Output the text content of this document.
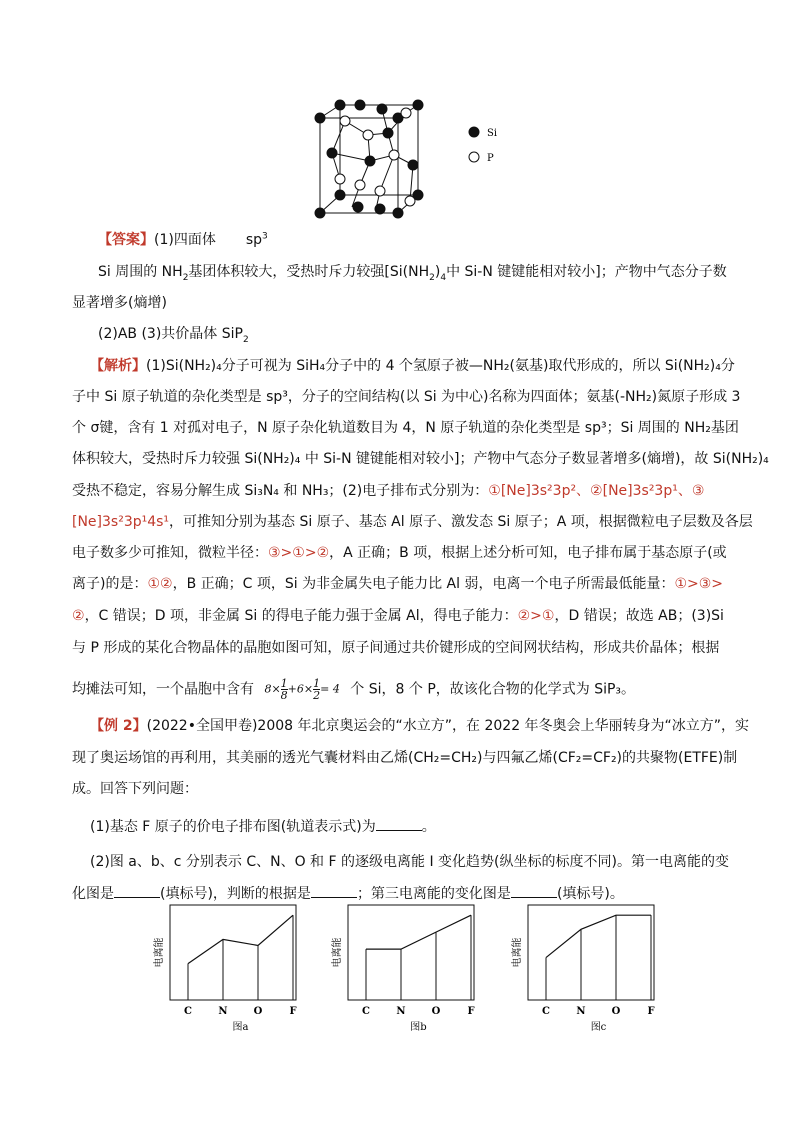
Si
P
【答案】(1)四面体 $sp^3$
Si 周围的 $NH_2$基团体积较大，受热时斥力较强[$Si(NH_2)_4$中 Si-N 键键能相对较小]；产物中气态分子数
显著增多(熵增)
(2)AB (3)共价晶体 SiP$_2$
【解析】(1)Si(NH₂)₄分子可视为 SiH₄分子中的 4 个氢原子被—NH₂(氨基)取代形成的，所以 Si(NH₂)₄分
子中 Si 原子轨道的杂化类型是 sp³，分子的空间结构(以 Si 为中心)名称为四面体；氨基(-NH₂)氮原子形成 3
个 σ键，含有 1 对孤对电子，N 原子杂化轨道数目为 4，N 原子轨道的杂化类型是 sp³；Si 周围的 NH₂基团
体积较大，受热时斥力较强 Si(NH₂)₄ 中 Si-N 键键能相对较小]；产物中气态分子数显著增多(熵增)，故 Si(NH₂)₄
受热不稳定，容易分解生成 Si₃N₄ 和 NH₃；(2)电子排布式分别为：①[Ne]3s²3p²、②[Ne]3s²3p¹、③
[Ne]3s²3p¹4s¹，可推知分别为基态 Si 原子、基态 Al 原子、激发态 Si 原子；A 项，根据微粒电子层数及各层
电子数多少可推知，微粒半径：③>①>②，A 正确；B 项，根据上述分析可知，电子排布属于基态原子(或
离子)的是：①②，B 正确；C 项，Si 为非金属失电子能力比 Al 弱，电离一个电子所需最低能量：①>③>
②，C 错误；D 项，非金属 Si 的得电子能力强于金属 Al，得电子能力：②>①，D 错误；故选 AB；(3)Si
与 P 形成的某化合物晶体的晶胞如图可知，原子间通过共价键形成的空间网状结构，形成共价晶体；根据
均摊法可知，一个晶胞中含有 $8\times \frac{1}{8} +6\times \frac{1}{2} = 4$ 个 Si，8 个 P，故该化合物的化学式为 SiP₃。
【例 2】(2022•全国甲卷)2008 年北京奥运会的“水立方”，在 2022 年冬奥会上华丽转身为“冰立方”，实
现了奥运场馆的再利用，其美丽的透光气囊材料由乙烯(CH₂=CH₂)与四氟乙烯(CF₂=CF₂)的共聚物(ETFE)制
成。回答下列问题：
(1)基态 F 原子的价电子排布图(轨道表示式)为	。
(2)图 a、b、c 分别表示 C、N、O 和 F 的逐级电离能 I 变化趋势(纵坐标的标度不同)。第一电离能的变
化图是	(填标号)，判断的根据是	；第三电离能的变化图是	(填标号)。
电离能
C	N	O	F
图a
电离能
C	N	O	F
图b
电离能
C	N	O	F
图c
